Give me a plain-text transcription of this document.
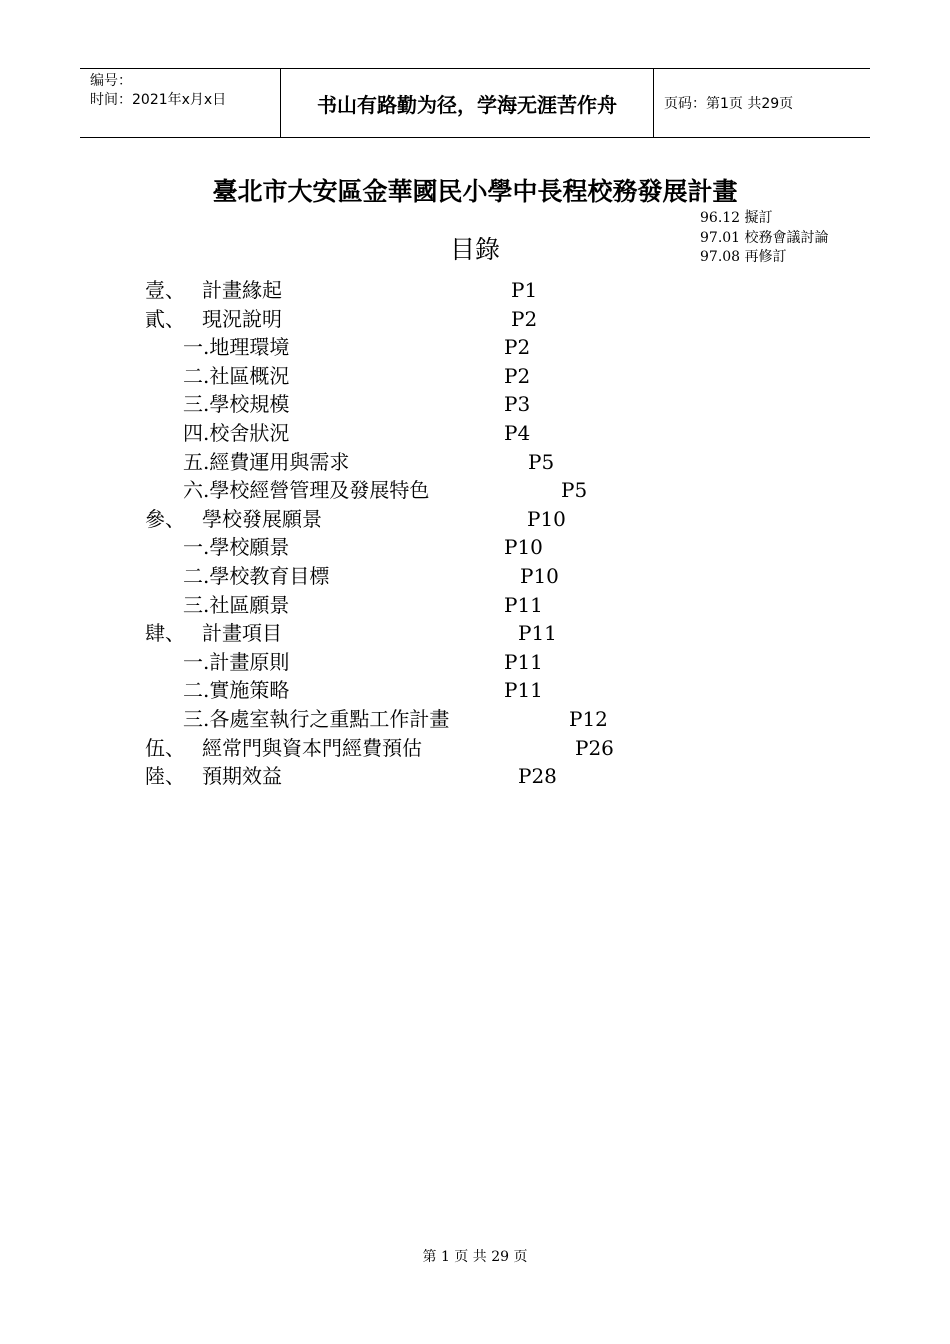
编号：
时间：2021年x月x日	书山有路勤为径，学海无涯苦作舟	页码：第1页 共29页
臺北市大安區金華國民小學中長程校務發展計畫
96.12 擬訂
97.01 校務會議討論
97.08 再修訂
目錄
壹、 計畫緣起	P1
貳、 現況說明	P2
一.地理環境	P2
二.社區概況	P2
三.學校規模	P3
四.校舍狀況	P4
五.經費運用與需求	P5
六.學校經營管理及發展特色	P5
參、 學校發展願景	P10
一.學校願景	P10
二.學校教育目標	P10
三.社區願景	P11
肆、 計畫項目	P11
一.計畫原則	P11
二.實施策略	P11
三.各處室執行之重點工作計畫	P12
伍、 經常門與資本門經費預估	P26
陸、 預期效益	P28
第 1 页 共 29 页
